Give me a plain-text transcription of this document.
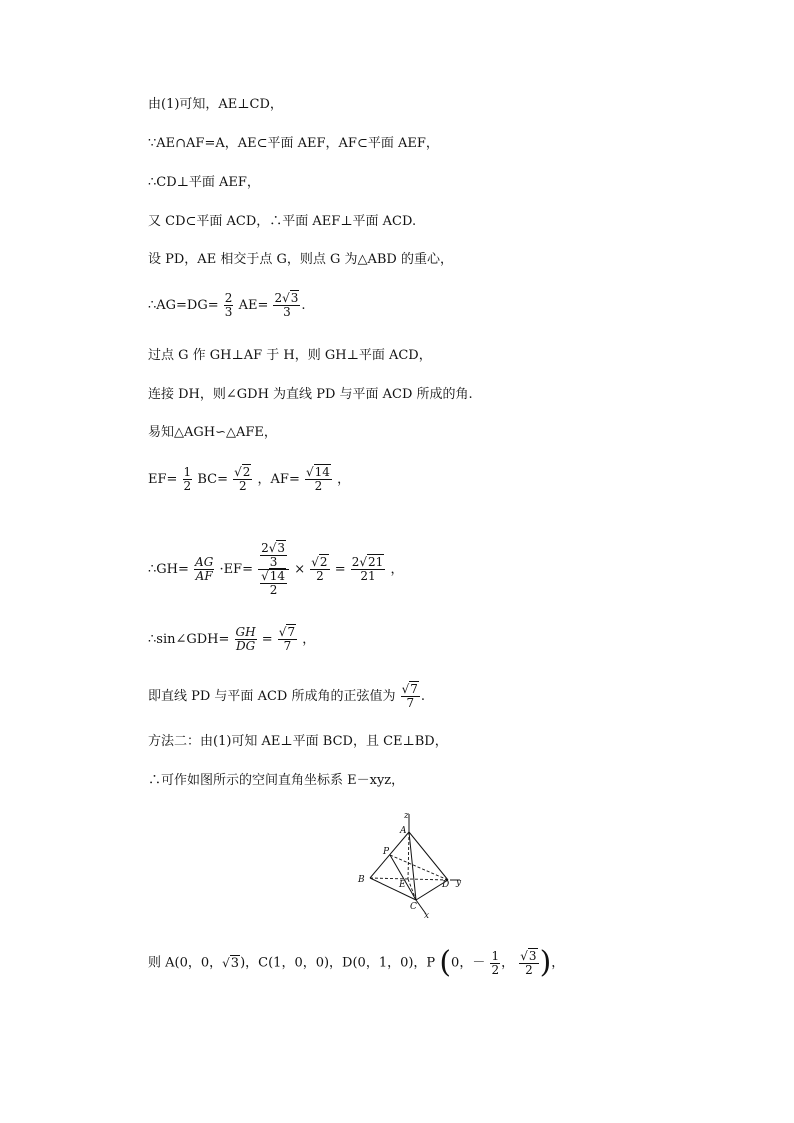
由(1)可知，AE⊥CD，
∵AE∩AF=A，AE⊂平面 AEF，AF⊂平面 AEF，
∴CD⊥平面 AEF，
又 CD⊂平面 ACD，∴平面 AEF⊥平面 ACD.
设 PD，AE 相交于点 G，则点 G 为△ABD 的重心，
∴AG=DG= $\frac{2}{3} AE= \frac{2√3}{3}$ .
过点 G 作 GH⊥AF 于 H，则 GH⊥平面 ACD，
连接 DH，则∠GDH 为直线 PD 与平面 ACD 所成的角.
易知△AGH∽△AFE，
$EF= \frac{1}{2} BC= \frac{√2}{2}$ ，$AF= \frac{√14}{2}$ ，
∴GH= $\frac{AG}{AF} \cdot EF= \frac{\frac{2√3}{3}}{\frac{√14}{2}} \times \frac{√2}{2} = \frac{2√21}{21}$ ，
∴sin∠GDH= $\frac{GH}{DG} = \frac{√7}{7}$ ，
即直线 PD 与平面 ACD 所成角的正弦值为 $\frac{√7}{7}$ .
方法二：由(1)可知 AE⊥平面 BCD，且 CE⊥BD，
∴可作如图所示的空间直角坐标系 E－xyz，
z
A
P
B	E	D y
C
x
则 A(0，0，√3)，C(1，0，0)，D(0，1，0)，P (0，－ $\frac{1}{2}$ ， $\frac{√3}{2}$ )，
